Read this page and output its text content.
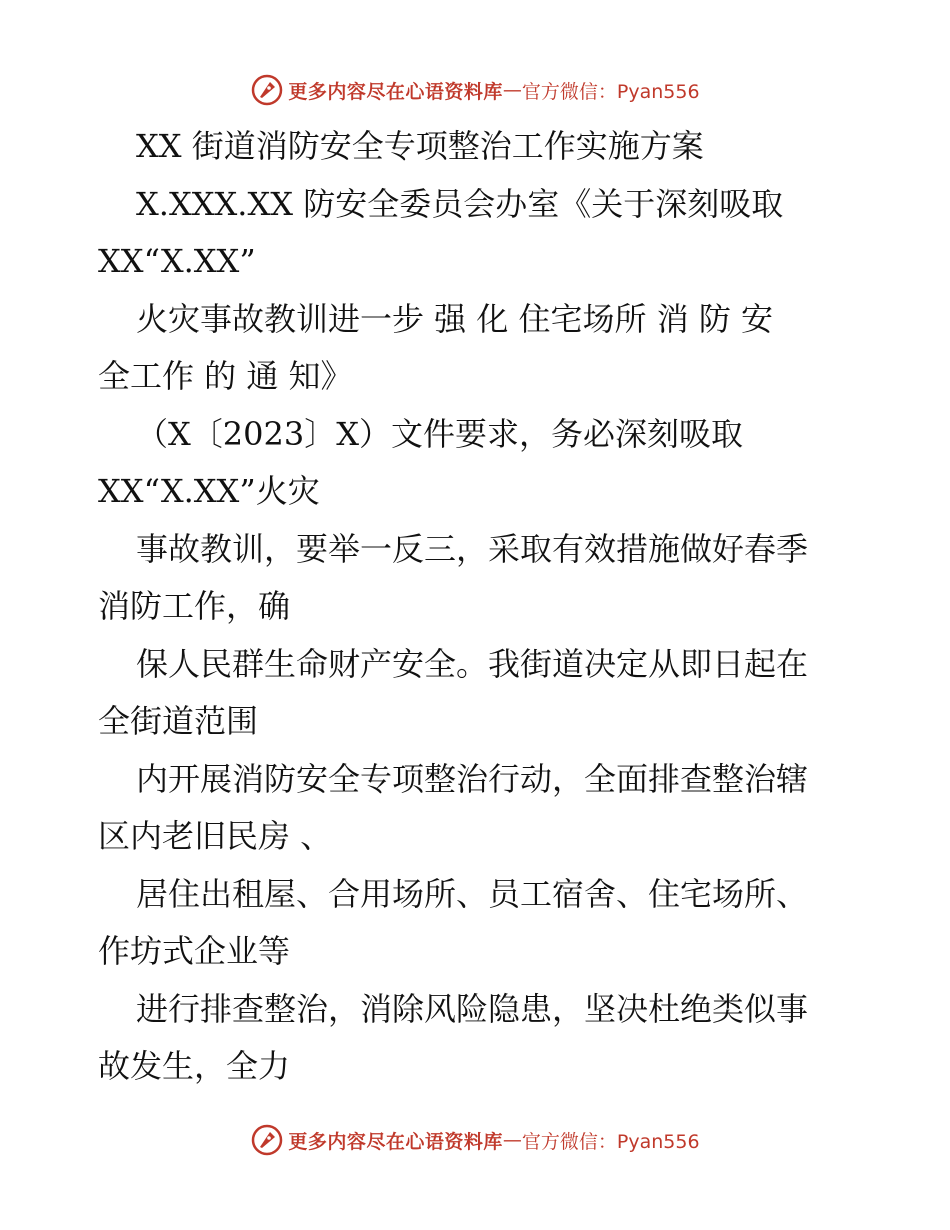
更多内容尽在心语资料库 — 官方微信：Pyan556
XX 街道消防安全专项整治工作实施方案
X.XXX.XX 防安全委员会办室《关于深刻吸取
XX“X.XX”
火灾事故教训进一步 强 化 住宅场所 消 防 安
全工作 的 通 知》
（X〔2023〕X）文件要求，务必深刻吸取
XX“X.XX”火灾
事故教训，要举一反三，采取有效措施做好春季
消防工作，确
保人民群生命财产安全。我街道决定从即日起在
全街道范围
内开展消防安全专项整治行动，全面排查整治辖
区内老旧民房 、
居住出租屋、合用场所、员工宿舍、住宅场所、
作坊式企业等
进行排查整治，消除风险隐患，坚决杜绝类似事
故发生，全力
更多内容尽在心语资料库 — 官方微信：Pyan556
